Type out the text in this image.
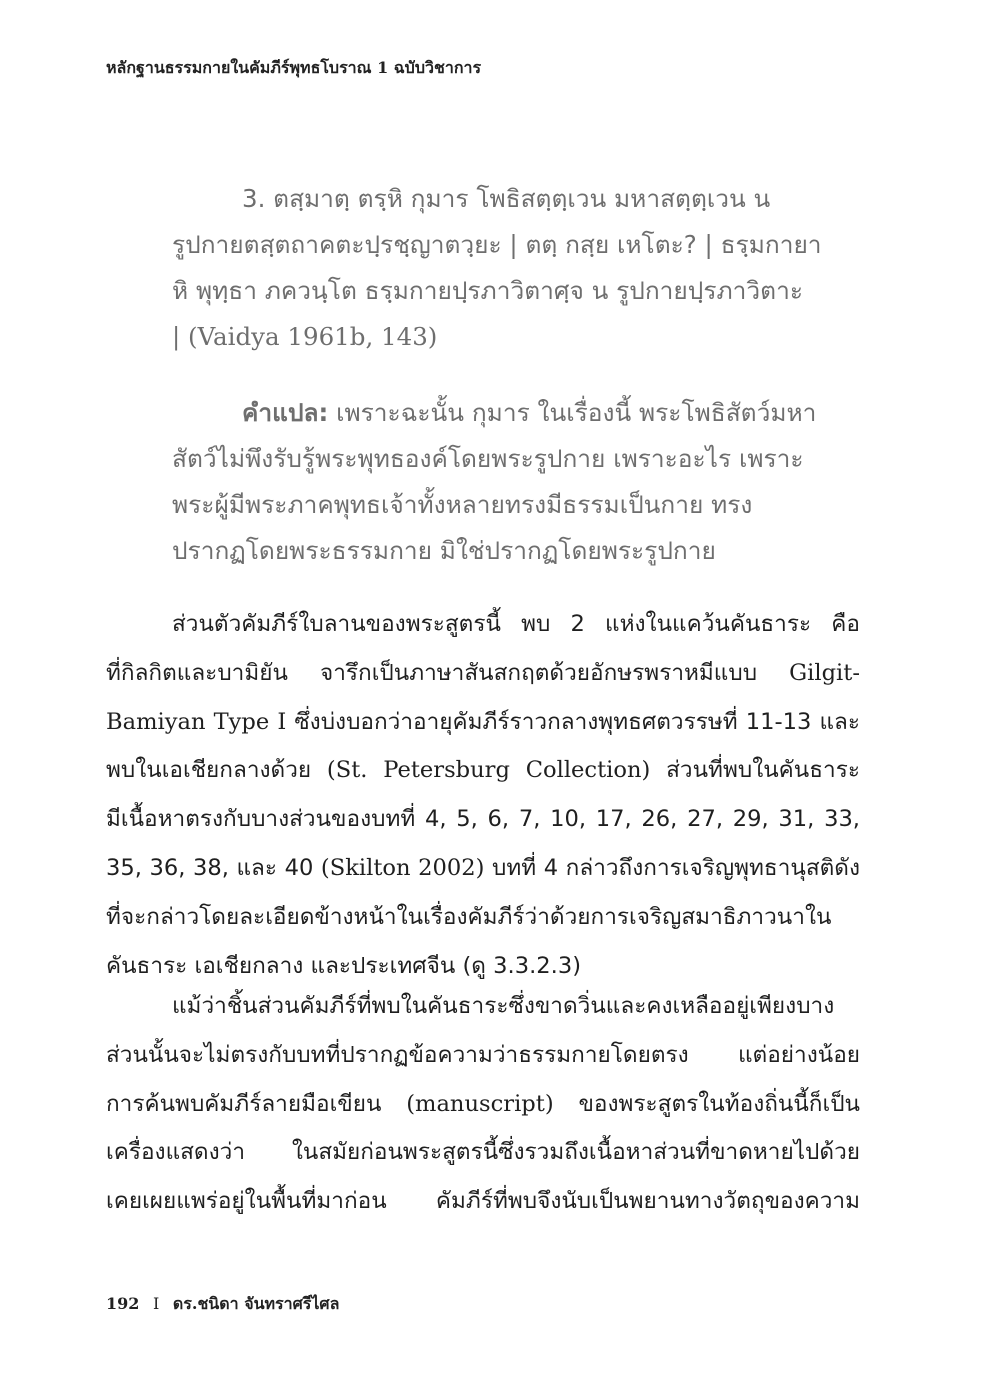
หลักฐานธรรมกายในคัมภีร์พุทธโบราณ 1 ฉบับวิชาการ
3. ตสฺมาตฺ ตรฺหิ กุมาร โพธิสตฺตฺเวน มหาสตฺตฺเวน น
รูปกายตสฺตถาคตะปฺรชฺญาตวฺยะ | ตตฺ กสฺย เหโตะ? | ธรฺมกายา
หิ พุทฺธา ภควนฺโต ธรฺมกายปฺรภาวิตาศฺจ น รูปกายปฺรภาวิตาะ
| (Vaidya 1961b, 143)
คำแปล: เพราะฉะนั้น กุมาร ในเรื่องนี้ พระโพธิสัตว์มหา
สัตว์ไม่พึงรับรู้พระพุทธองค์โดยพระรูปกาย เพราะอะไร เพราะ
พระผู้มีพระภาคพุทธเจ้าทั้งหลายทรงมีธรรมเป็นกาย ทรง
ปรากฏโดยพระธรรมกาย มิใช่ปรากฏโดยพระรูปกาย
ส่วนตัวคัมภีร์ใบลานของพระสูตรนี้ พบ 2 แห่งในแคว้นคันธาระ คือ
ที่กิลกิตและบามิยัน จารึกเป็นภาษาสันสกฤตด้วยอักษรพราหมีแบบ Gilgit-
Bamiyan Type I ซึ่งบ่งบอกว่าอายุคัมภีร์ราวกลางพุทธศตวรรษที่ 11-13 และ
พบในเอเชียกลางด้วย (St. Petersburg Collection) ส่วนที่พบในคันธาระ
มีเนื้อหาตรงกับบางส่วนของบทที่ 4, 5, 6, 7, 10, 17, 26, 27, 29, 31, 33,
35, 36, 38, และ 40 (Skilton 2002) บทที่ 4 กล่าวถึงการเจริญพุทธานุสติดัง
ที่จะกล่าวโดยละเอียดข้างหน้าในเรื่องคัมภีร์ว่าด้วยการเจริญสมาธิภาวนาใน
คันธาระ เอเชียกลาง และประเทศจีน (ดู 3.3.2.3)
แม้ว่าชิ้นส่วนคัมภีร์ที่พบในคันธาระซึ่งขาดวิ่นและคงเหลืออยู่เพียงบาง
ส่วนนั้นจะไม่ตรงกับบทที่ปรากฏข้อความว่าธรรมกายโดยตรง แต่อย่างน้อย
การค้นพบคัมภีร์ลายมือเขียน (manuscript) ของพระสูตรในท้องถิ่นนี้ก็เป็น
เครื่องแสดงว่า ในสมัยก่อนพระสูตรนี้ซึ่งรวมถึงเนื้อหาส่วนที่ขาดหายไปด้วย
เคยเผยแพร่อยู่ในพื้นที่มาก่อน คัมภีร์ที่พบจึงนับเป็นพยานทางวัตถุของความ
192 I ดร.ชนิดา จันทราศรีไศล
